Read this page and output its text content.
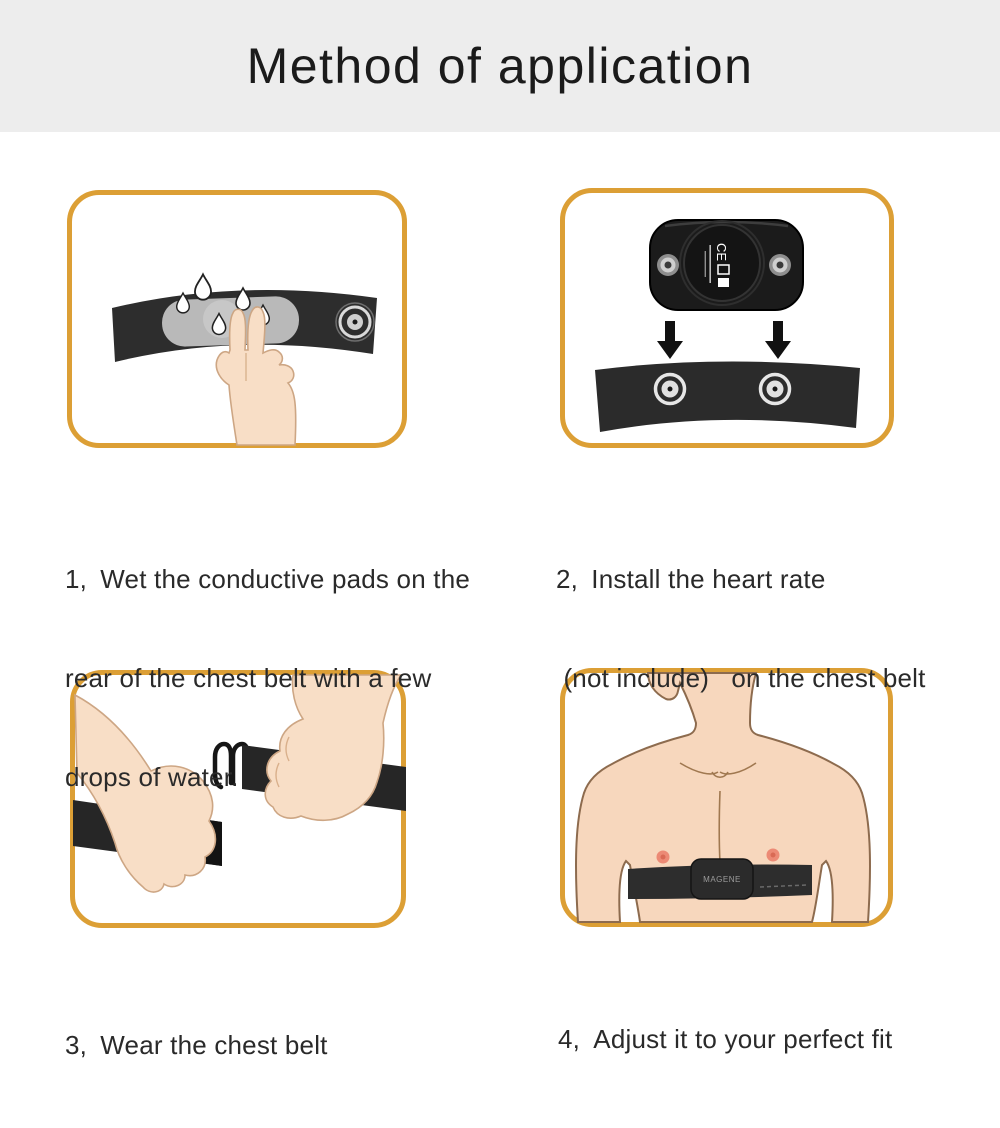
Method of application
CE
MAGENE

1, Wet the conductive pads on the

rear of the chest belt with a few

drops of water.

2, Install the heart rate

(not include)   on the chest belt

3, Wear the chest belt

	4, Adjust it to your perfect fit
